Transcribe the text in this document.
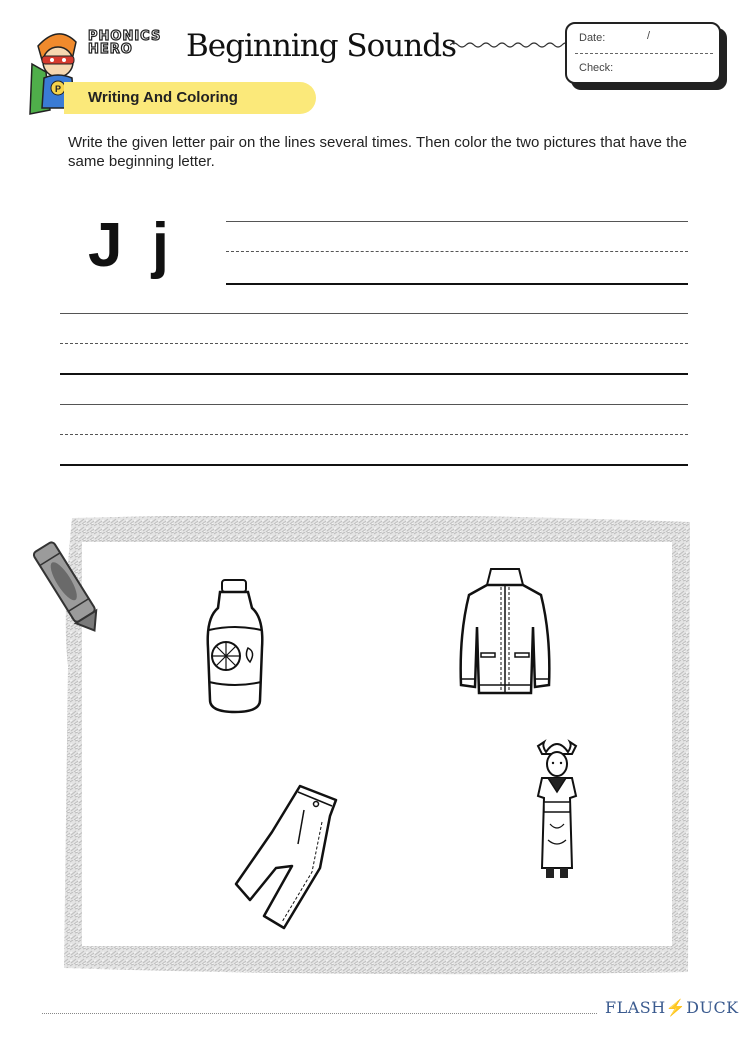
P
PHONICS
HERO	Beginning Sounds	Date:	/
Check:
Writing And Coloring
Write the given letter pair on the lines several times. Then color the two pictures that have the same beginning letter.
J j
FLASH⚡DUCK
